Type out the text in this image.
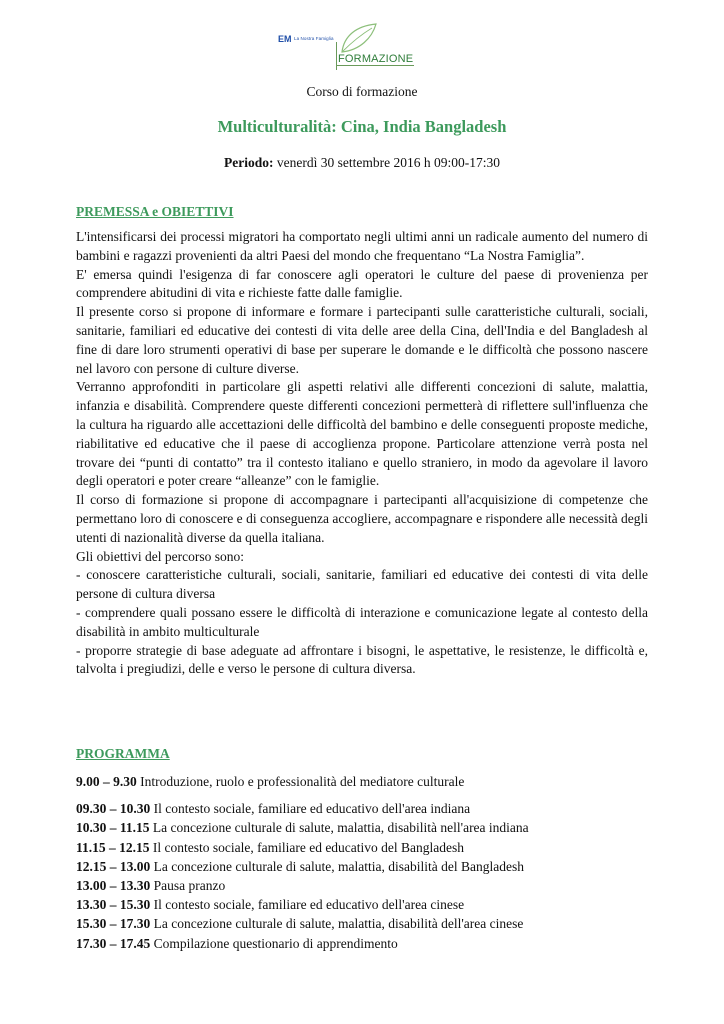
EM La Nostra Famiglia
FORMAZIONE
Corso di formazione
Multiculturalità: Cina, India Bangladesh
Periodo: venerdì 30 settembre 2016 h 09:00-17:30
PREMESSA e OBIETTIVI

L'intensificarsi dei processi migratori ha comportato negli ultimi anni un radicale aumento del numero di bambini e ragazzi provenienti da altri Paesi del mondo che frequentano “La Nostra Famiglia”.

E' emersa quindi l'esigenza di far conoscere agli operatori le culture del paese di provenienza per comprendere abitudini di vita e richieste fatte dalle famiglie.

Il presente corso si propone di informare e formare i partecipanti sulle caratteristiche culturali, sociali, sanitarie, familiari ed educative dei contesti di vita delle aree della Cina, dell'India e del Bangladesh al fine di dare loro strumenti operativi di base per superare le domande e le difficoltà che possono nascere nel lavoro con persone di culture diverse.

Verranno approfonditi in particolare gli aspetti relativi alle differenti concezioni di salute, malattia, infanzia e disabilità. Comprendere queste differenti concezioni permetterà di riflettere sull'influenza che la cultura ha riguardo alle accettazioni delle difficoltà del bambino e delle conseguenti proposte mediche, riabilitative ed educative che il paese di accoglienza propone. Particolare attenzione verrà posta nel trovare dei “punti di contatto” tra il contesto italiano e quello straniero, in modo da agevolare il lavoro degli operatori e poter creare “alleanze” con le famiglie.

Il corso di formazione si propone di accompagnare i partecipanti all'acquisizione di competenze che permettano loro di conoscere e di conseguenza accogliere, accompagnare e rispondere alle necessità degli utenti di nazionalità diverse da quella italiana.

Gli obiettivi del percorso sono:

- conoscere caratteristiche culturali, sociali, sanitarie, familiari ed educative dei contesti di vita delle persone di cultura diversa

- comprendere quali possano essere le difficoltà di interazione e comunicazione legate al contesto della disabilità in ambito multiculturale

- proporre strategie di base adeguate ad affrontare i bisogni, le aspettative, le resistenze, le difficoltà e, talvolta i pregiudizi, delle e verso le persone di cultura diversa.

PROGRAMMA
9.00 – 9.30 Introduzione, ruolo e professionalità del mediatore culturale
09.30 – 10.30 Il contesto sociale, familiare ed educativo dell'area indiana
10.30 – 11.15 La concezione culturale di salute, malattia, disabilità nell'area indiana
11.15 – 12.15 Il contesto sociale, familiare ed educativo del Bangladesh
12.15 – 13.00 La concezione culturale di salute, malattia, disabilità del Bangladesh
13.00 – 13.30 Pausa pranzo
13.30 – 15.30 Il contesto sociale, familiare ed educativo dell'area cinese
15.30 – 17.30 La concezione culturale di salute, malattia, disabilità dell'area cinese
17.30 – 17.45 Compilazione questionario di apprendimento
